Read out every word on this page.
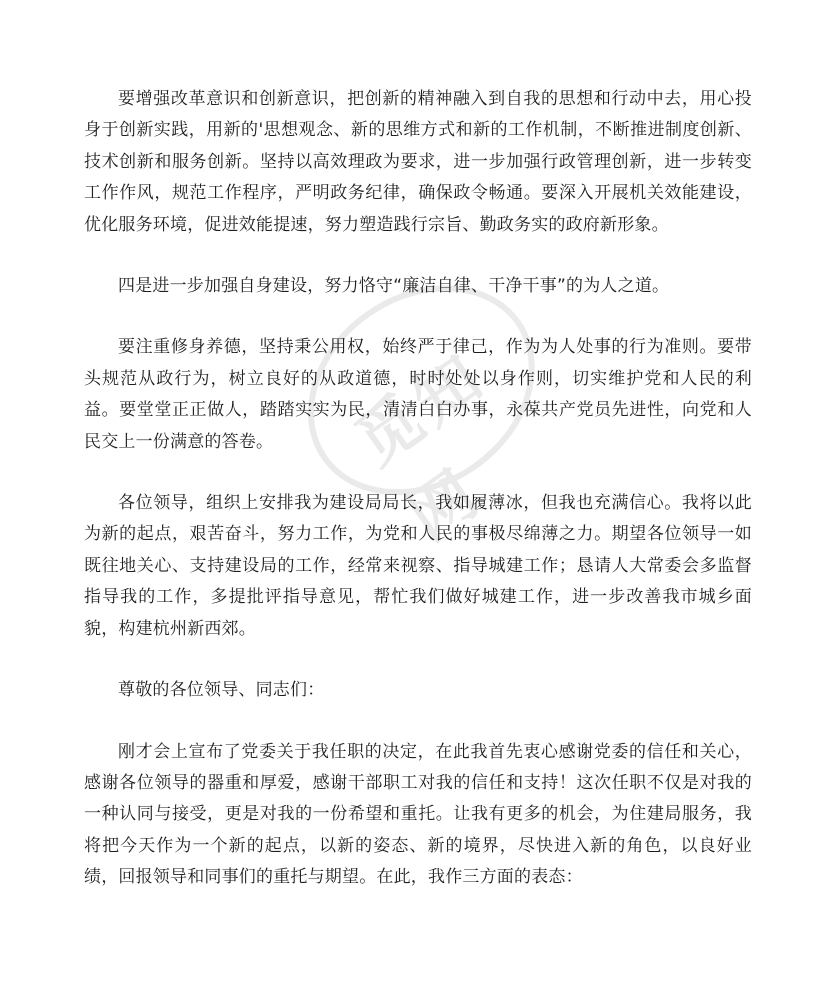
觅知网

要增强改革意识和创新意识，把创新的精神融入到自我的思想和行动中去，用心投身于创新实践，用新的'思想观念、新的思维方式和新的工作机制，不断推进制度创新、技术创新和服务创新。坚持以高效理政为要求，进一步加强行政管理创新，进一步转变工作作风，规范工作程序，严明政务纪律，确保政令畅通。要深入开展机关效能建设，优化服务环境，促进效能提速，努力塑造践行宗旨、勤政务实的政府新形象。

四是进一步加强自身建设，努力恪守“廉洁自律、干净干事”的为人之道。

要注重修身养德，坚持秉公用权，始终严于律己，作为为人处事的行为准则。要带头规范从政行为，树立良好的从政道德，时时处处以身作则，切实维护党和人民的利益。要堂堂正正做人，踏踏实实为民，清清白白办事，永葆共产党员先进性，向党和人民交上一份满意的答卷。

各位领导，组织上安排我为建设局局长，我如履薄冰，但我也充满信心。我将以此为新的起点，艰苦奋斗，努力工作，为党和人民的事极尽绵薄之力。期望各位领导一如既往地关心、支持建设局的工作，经常来视察、指导城建工作；恳请人大常委会多监督指导我的工作，多提批评指导意见，帮忙我们做好城建工作，进一步改善我市城乡面貌，构建杭州新西郊。

尊敬的各位领导、同志们：

刚才会上宣布了党委关于我任职的决定，在此我首先衷心感谢党委的信任和关心，感谢各位领导的器重和厚爱，感谢干部职工对我的信任和支持！这次任职不仅是对我的一种认同与接受，更是对我的一份希望和重托。让我有更多的机会，为住建局服务，我将把今天作为一个新的起点，以新的姿态、新的境界，尽快进入新的角色，以良好业绩，回报领导和同事们的重托与期望。在此，我作三方面的表态：
